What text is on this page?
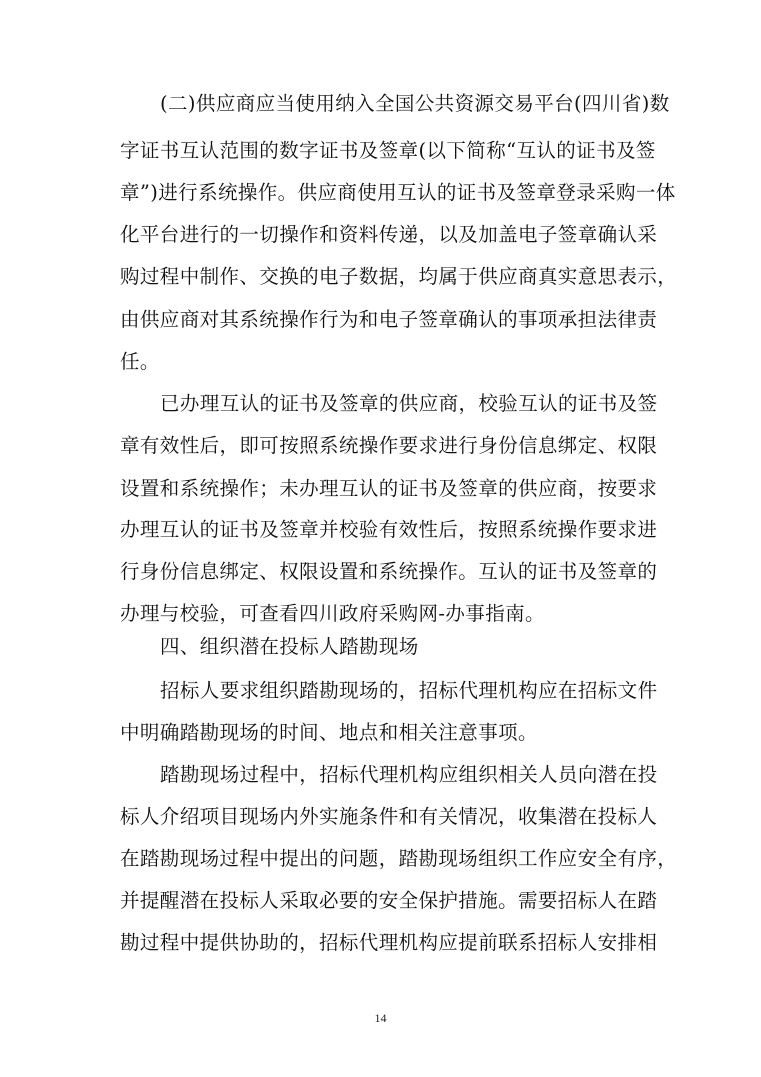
(二)供应商应当使用纳入全国公共资源交易平台(四川省)数
字证书互认范围的数字证书及签章(以下简称“互认的证书及签
章”)进行系统操作。供应商使用互认的证书及签章登录采购一体
化平台进行的一切操作和资料传递，以及加盖电子签章确认采
购过程中制作、交换的电子数据，均属于供应商真实意思表示，
由供应商对其系统操作行为和电子签章确认的事项承担法律责
任。
已办理互认的证书及签章的供应商，校验互认的证书及签
章有效性后，即可按照系统操作要求进行身份信息绑定、权限
设置和系统操作；未办理互认的证书及签章的供应商，按要求
办理互认的证书及签章并校验有效性后，按照系统操作要求进
行身份信息绑定、权限设置和系统操作。互认的证书及签章的
办理与校验，可查看四川政府采购网-办事指南。
四、组织潜在投标人踏勘现场
招标人要求组织踏勘现场的，招标代理机构应在招标文件
中明确踏勘现场的时间、地点和相关注意事项。
踏勘现场过程中，招标代理机构应组织相关人员向潜在投
标人介绍项目现场内外实施条件和有关情况，收集潜在投标人
在踏勘现场过程中提出的问题，踏勘现场组织工作应安全有序，
并提醒潜在投标人采取必要的安全保护措施。需要招标人在踏
勘过程中提供协助的，招标代理机构应提前联系招标人安排相
14
